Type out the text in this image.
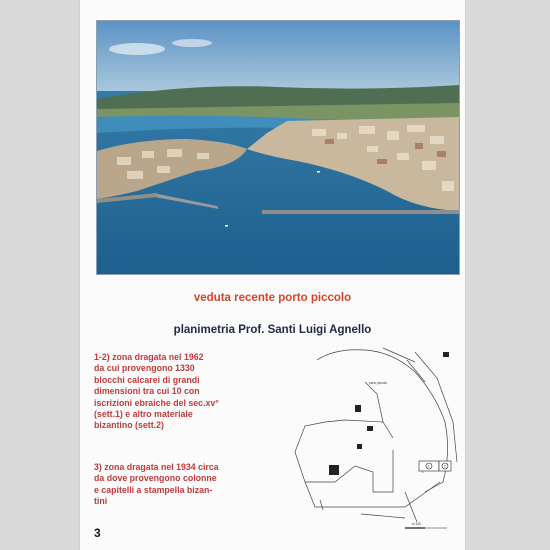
veduta recente porto piccolo
planimetria Prof. Santi Luigi Agnello
1-2) zona dragata nel 1962
da cui provengono 1330
blocchi calcarei di grandi
dimensioni tra cui 10 con
iscrizioni ebraiche del sec.xv°
(sett.1) e altro materiale
bizantino (sett.2)
3) zona dragata nel 1934 circa
da dove provengono colonne
e capitelli a stampella bizan-
tini
2	3
1
porto piccolo
m 100
3
